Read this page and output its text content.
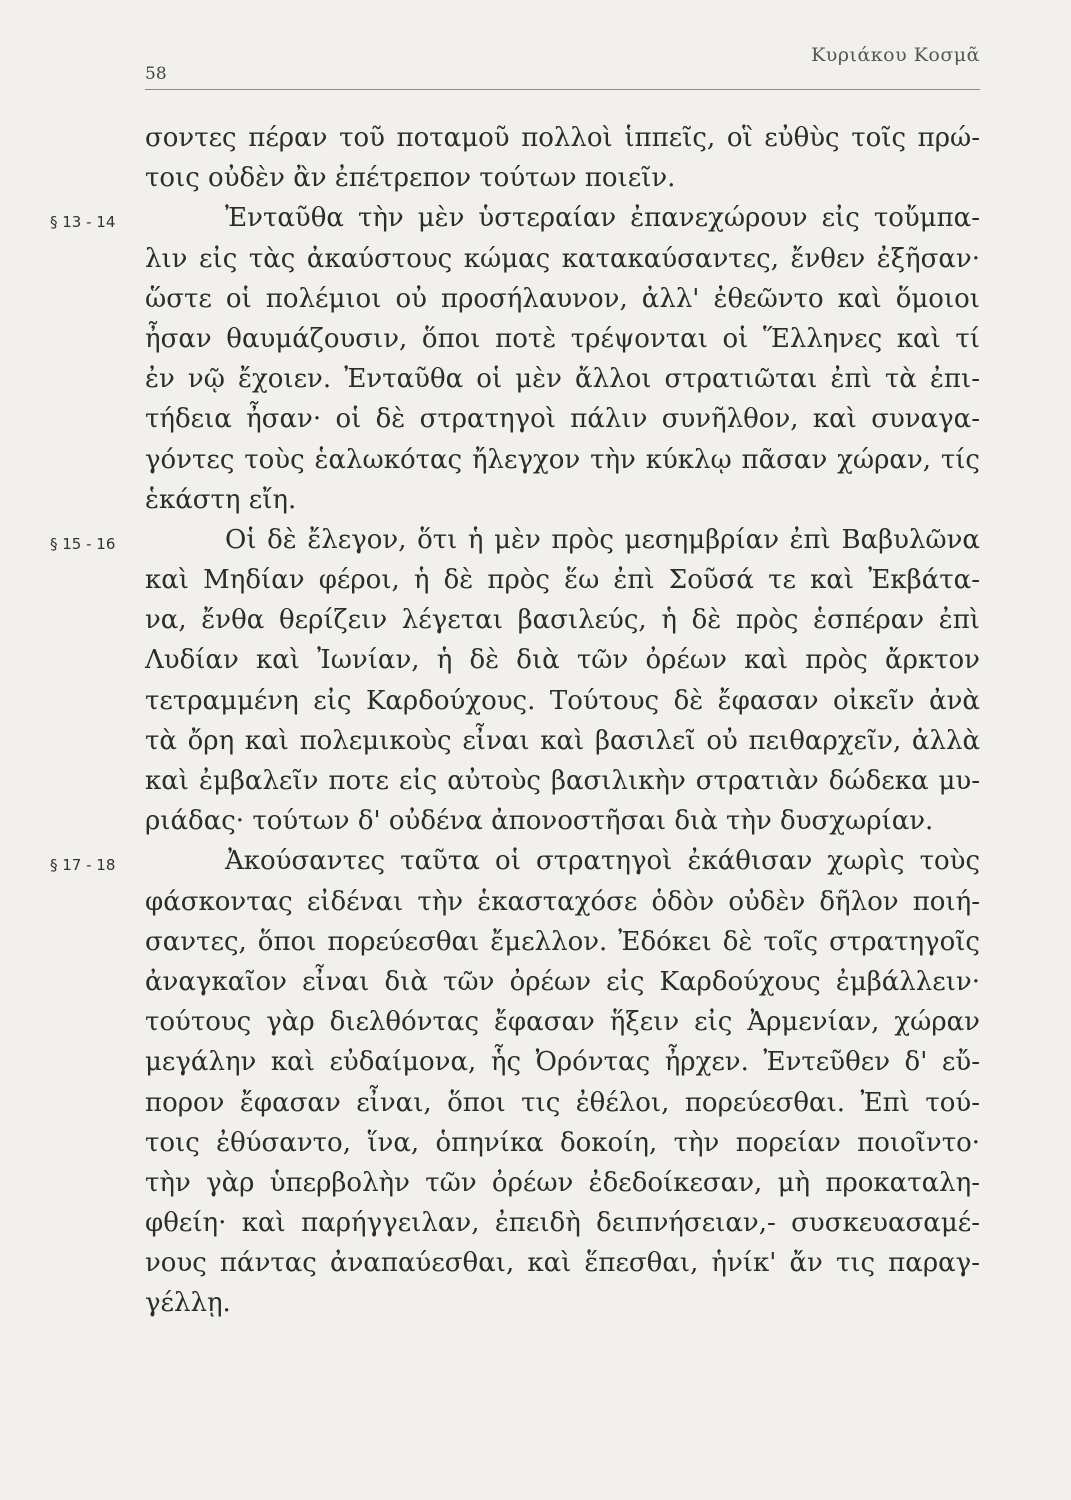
58
Κυριάκου Κοσμᾶ
σοντες πέραν τοῦ ποταμοῦ πολλοὶ ἱππεῖς, οἳ εὐθὺς τοῖς πρώ-
τοις οὐδὲν ἂν ἐπέτρεπον τούτων ποιεῖν.
§ 13 - 14	Ἐνταῦθα τὴν μὲν ὑστεραίαν ἐπανεχώρουν εἰς τοὔμπα-
λιν εἰς τὰς ἀκαύστους κώμας κατακαύσαντες, ἔνθεν ἐξῆσαν·
ὥστε οἱ πολέμιοι οὐ προσήλαυνον, ἀλλ' ἐθεῶντο καὶ ὅμοιοι
ἦσαν θαυμάζουσιν, ὅποι ποτὲ τρέψονται οἱ Ἕλληνες καὶ τί
ἐν νῷ ἔχοιεν. Ἐνταῦθα οἱ μὲν ἄλλοι στρατιῶται ἐπὶ τὰ ἐπι-
τήδεια ἦσαν· οἱ δὲ στρατηγοὶ πάλιν συνῆλθον, καὶ συναγα-
γόντες τοὺς ἑαλωκότας ἤλεγχον τὴν κύκλῳ πᾶσαν χώραν, τίς
ἑκάστη εἴη.
§ 15 - 16	Οἱ δὲ ἔλεγον, ὅτι ἡ μὲν πρὸς μεσημβρίαν ἐπὶ Βαβυλῶνα
καὶ Μηδίαν φέροι, ἡ δὲ πρὸς ἕω ἐπὶ Σοῦσά τε καὶ Ἐκβάτα-
να, ἔνθα θερίζειν λέγεται βασιλεύς, ἡ δὲ πρὸς ἑσπέραν ἐπὶ
Λυδίαν καὶ Ἰωνίαν, ἡ δὲ διὰ τῶν ὀρέων καὶ πρὸς ἄρκτον
τετραμμένη εἰς Καρδούχους. Τούτους δὲ ἔφασαν οἰκεῖν ἀνὰ
τὰ ὄρη καὶ πολεμικοὺς εἶναι καὶ βασιλεῖ οὐ πειθαρχεῖν, ἀλλὰ
καὶ ἐμβαλεῖν ποτε εἰς αὐτοὺς βασιλικὴν στρατιὰν δώδεκα μυ-
ριάδας· τούτων δ' οὐδένα ἀπονοστῆσαι διὰ τὴν δυσχωρίαν.
§ 17 - 18	Ἀκούσαντες ταῦτα οἱ στρατηγοὶ ἐκάθισαν χωρὶς τοὺς
φάσκοντας εἰδέναι τὴν ἑκασταχόσε ὁδὸν οὐδὲν δῆλον ποιή-
σαντες, ὅποι πορεύεσθαι ἔμελλον. Ἐδόκει δὲ τοῖς στρατηγοῖς
ἀναγκαῖον εἶναι διὰ τῶν ὀρέων εἰς Καρδούχους ἐμβάλλειν·
τούτους γὰρ διελθόντας ἔφασαν ἥξειν εἰς Ἀρμενίαν, χώραν
μεγάλην καὶ εὐδαίμονα, ἧς Ὀρόντας ἦρχεν. Ἐντεῦθεν δ' εὔ-
πορον ἔφασαν εἶναι, ὅποι τις ἐθέλοι, πορεύεσθαι. Ἐπὶ τού-
τοις ἐθύσαντο, ἵνα, ὁπηνίκα δοκοίη, τὴν πορείαν ποιοῖντο·
τὴν γὰρ ὑπερβολὴν τῶν ὀρέων ἐδεδοίκεσαν, μὴ προκαταλη-
φθείη· καὶ παρήγγειλαν, ἐπειδὴ δειπνήσειαν,- συσκευασαμέ-
νους πάντας ἀναπαύεσθαι, καὶ ἕπεσθαι, ἡνίκ' ἄν τις παραγ-
γέλλῃ.
